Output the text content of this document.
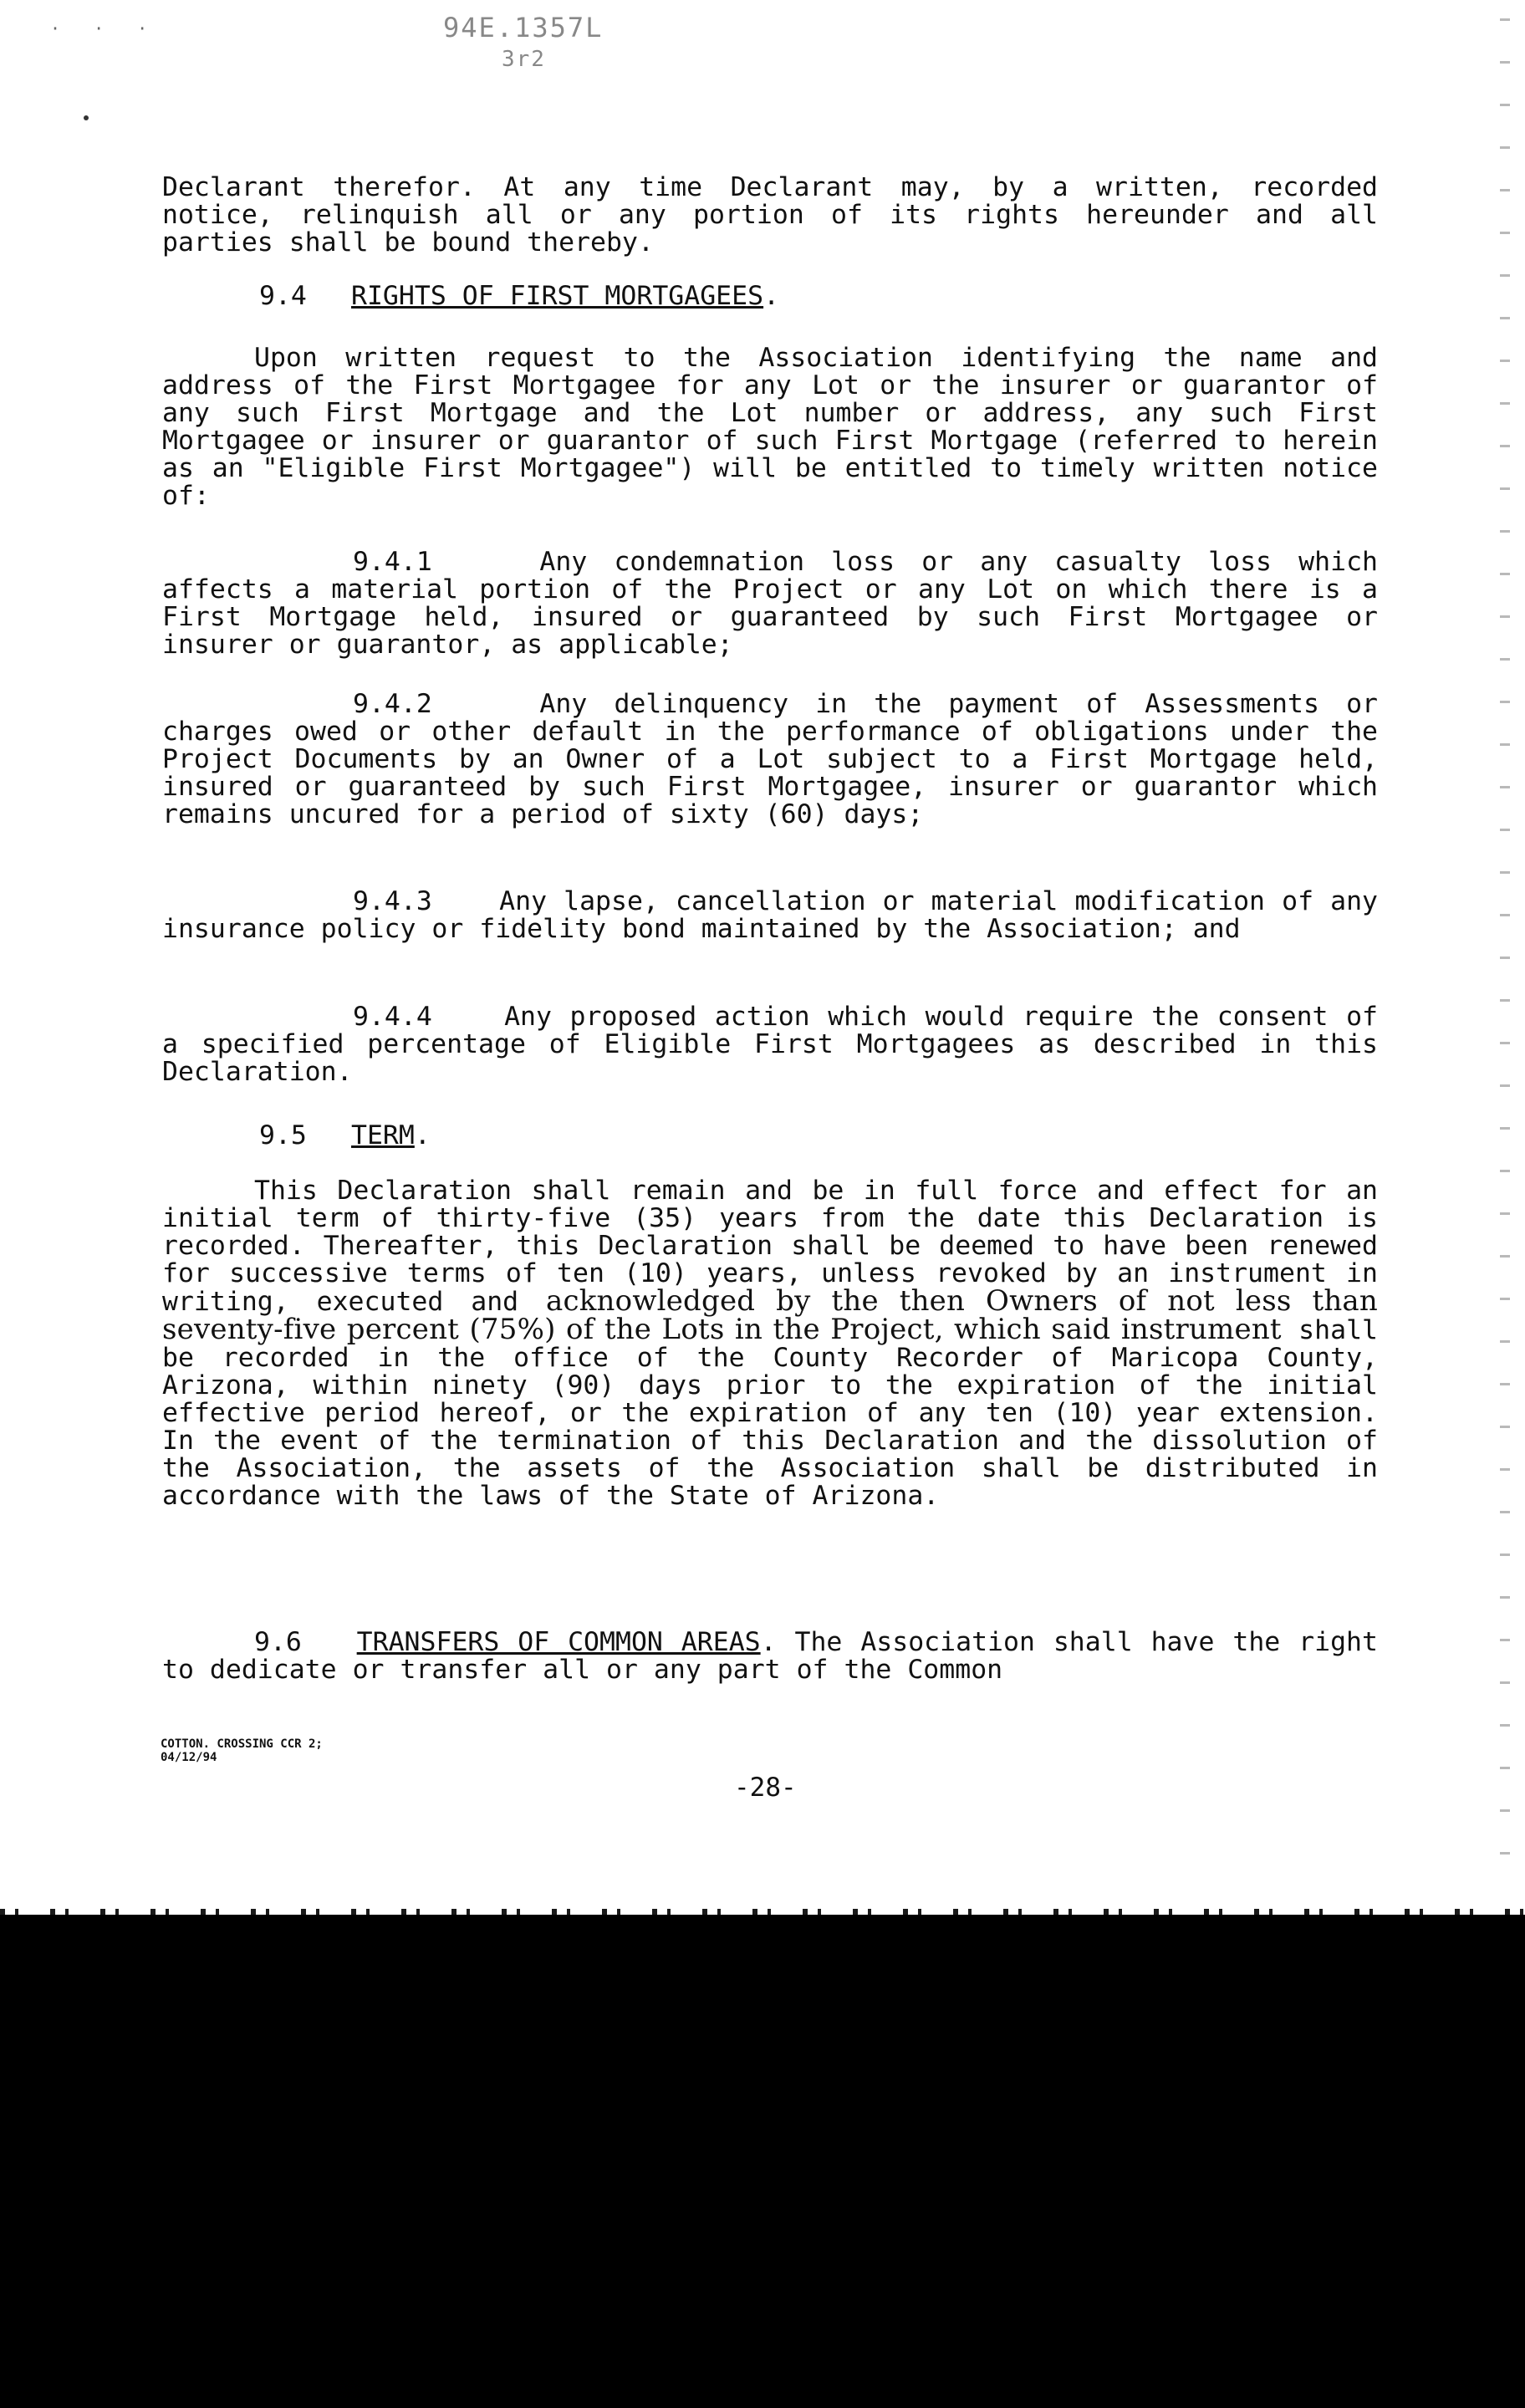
· · ·	94E.1357L
3r2

Declarant therefor. At any time Declarant may, by a written, recorded notice, relinquish all or any portion of its rights hereunder and all parties shall be bound thereby.

9.4 RIGHTS OF FIRST MORTGAGEES.

Upon written request to the Association identifying the name and address of the First Mortgagee for any Lot or the insurer or guarantor of any such First Mortgage and the Lot number or address, any such First Mortgagee or insurer or guarantor of such First Mortgage (referred to herein as an "Eligible First Mortgagee") will be entitled to timely written notice of:

9.4.1	Any condemnation loss or any casualty loss which affects a material portion of the Project or any Lot on which there is a First Mortgage held, insured or guaranteed by such First Mortgagee or insurer or guarantor, as applicable;

9.4.2	Any delinquency in the payment of Assessments or charges owed or other default in the performance of obligations under the Project Documents by an Owner of a Lot subject to a First Mortgage held, insured or guaranteed by such First Mortgagee, insurer or guarantor which remains uncured for a period of sixty (60) days;

9.4.3	Any lapse, cancellation or material modification of any insurance policy or fidelity bond maintained by the Association; and

9.4.4	Any proposed action which would require the consent of a specified percentage of Eligible First Mortgagees as described in this Declaration.

9.5 TERM.

This Declaration shall remain and be in full force and effect for an initial term of thirty-five (35) years from the date this Declaration is recorded. Thereafter, this Declaration shall be deemed to have been renewed for successive terms of ten (10) years, unless revoked by an instrument in writing, executed and acknowledged by the then Owners of not less than seventy-five percent (75%) of the Lots in the Project, which said instrument shall be recorded in the office of the County Recorder of Maricopa County, Arizona, within ninety (90) days prior to the expiration of the initial effective period hereof, or the expiration of any ten (10) year extension. In the event of the termination of this Declaration and the dissolution of the Association, the assets of the Association shall be distributed in accordance with the laws of the State of Arizona.

9.6 TRANSFERS OF COMMON AREAS. The Association shall have the right to dedicate or transfer all or any part of the Common

COTTON. CROSSING CCR 2;
04/12/94
-28-
